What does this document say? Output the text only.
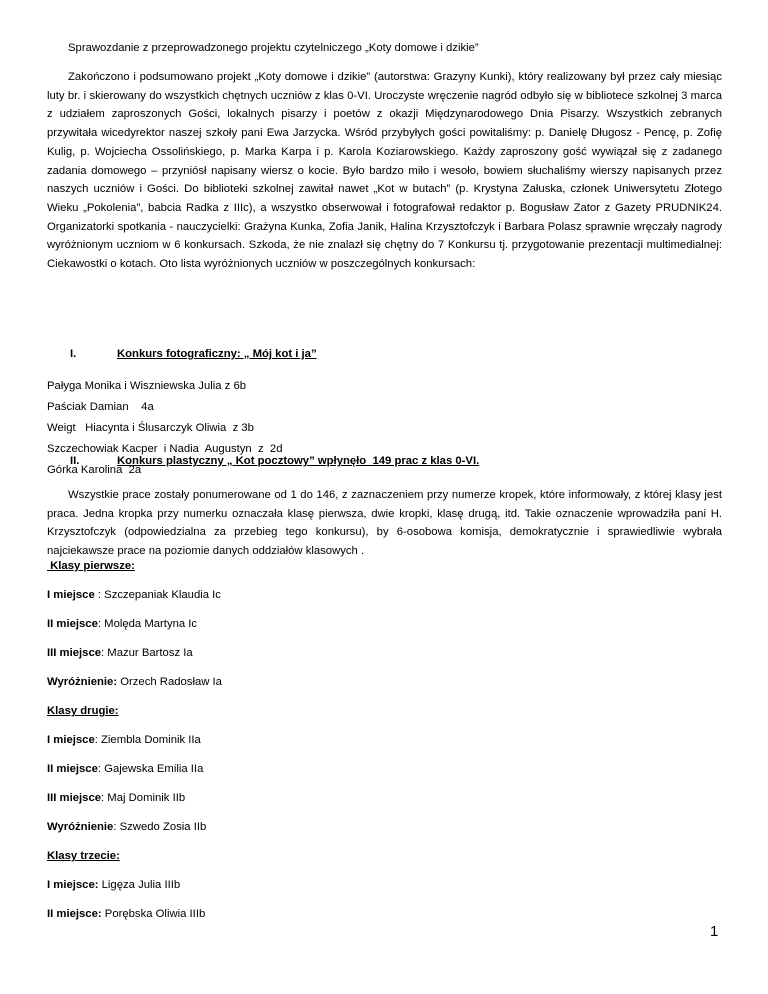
Sprawozdanie z przeprowadzonego projektu czytelniczego „Koty domowe i dzikie”

Zakończono i podsumowano projekt „Koty domowe i dzikie” (autorstwa: Grazyny Kunki), który realizowany był przez cały miesiąc luty br. i skierowany do wszystkich chętnych uczniów z klas 0-VI. Uroczyste wręczenie nagród odbyło się w bibliotece szkolnej 3 marca z udziałem zaproszonych Gości, lokalnych pisarzy i poetów z okazji Międzynarodowego Dnia Pisarzy. Wszystkich zebranych przywitała wicedyrektor naszej szkoły pani Ewa Jarzycka. Wśród przybyłych gości powitaliśmy: p. Danielę Długosz - Pencę, p. Zofię Kulig, p. Wojciecha Ossolińskiego, p. Marka Karpa i p. Karola Koziarowskiego. Każdy zaproszony gość wywiązał się z zadanego zadania domowego – przyniósł napisany wiersz o kocie. Było bardzo miło i wesoło, bowiem słuchaliśmy wierszy napisanych przez naszych uczniów i Gości. Do biblioteki szkolnej zawitał nawet „Kot w butach” (p. Krystyna Załuska, członek Uniwersytetu Złotego Wieku „Pokolenia”, babcia Radka z IIIc), a wszystko obserwował i fotografował redaktor p. Bogusław Zator z Gazety PRUDNIK24. Organizatorki spotkania - nauczycielki: Grażyna Kunka, Zofia Janik, Halina Krzysztofczyk i Barbara Polasz sprawnie wręczały nagrody wyróżnionym uczniom w 6 konkursach. Szkoda, że nie znalazł się chętny do 7 Konkursu tj. przygotowanie prezentacji multimedialnej: Ciekawostki o kotach. Oto lista wyróżnionych uczniów w poszczególnych konkursach:

I.	Konkurs fotograficzny: „ Mój kot i ja”
Pałyga Monika i Wiszniewska Julia z 6b
Paściak Damian    4a
Weigt   Hiacynta i Ślusarczyk Oliwia  z 3b
Szczechowiak Kacper  i Nadia  Augustyn  z  2d
Górka Karolina  2a
II.	Konkurs plastyczny „ Kot pocztowy” wpłynęło  149 prac z klas 0-VI.

Wszystkie prace zostały ponumerowane od 1 do 146, z zaznaczeniem przy numerze kropek, które informowały, z której klasy jest praca. Jedna kropka przy numerku oznaczała klasę pierwsza, dwie kropki, klasę drugą, itd. Takie oznaczenie wprowadziła pani H. Krzysztofczyk (odpowiedzialna za przebieg tego konkursu), by 6-osobowa komisja, demokratycznie i sprawiedliwie wybrała najciekawsze prace na poziomie danych oddziałów klasowych .

Klasy pierwsze:
I miejsce : Szczepaniak Klaudia Ic
II miejsce: Molęda Martyna Ic
III miejsce: Mazur Bartosz Ia
Wyróżnienie: Orzech Radosław Ia
Klasy drugie:
I miejsce: Ziembla Dominik IIa
II miejsce: Gajewska Emilia IIa
III miejsce: Maj Dominik IIb
Wyróżnienie: Szwedo Zosia IIb
Klasy trzecie:
I miejsce: Ligęza Julia IIIb
II miejsce: Porębska Oliwia IIIb
1
